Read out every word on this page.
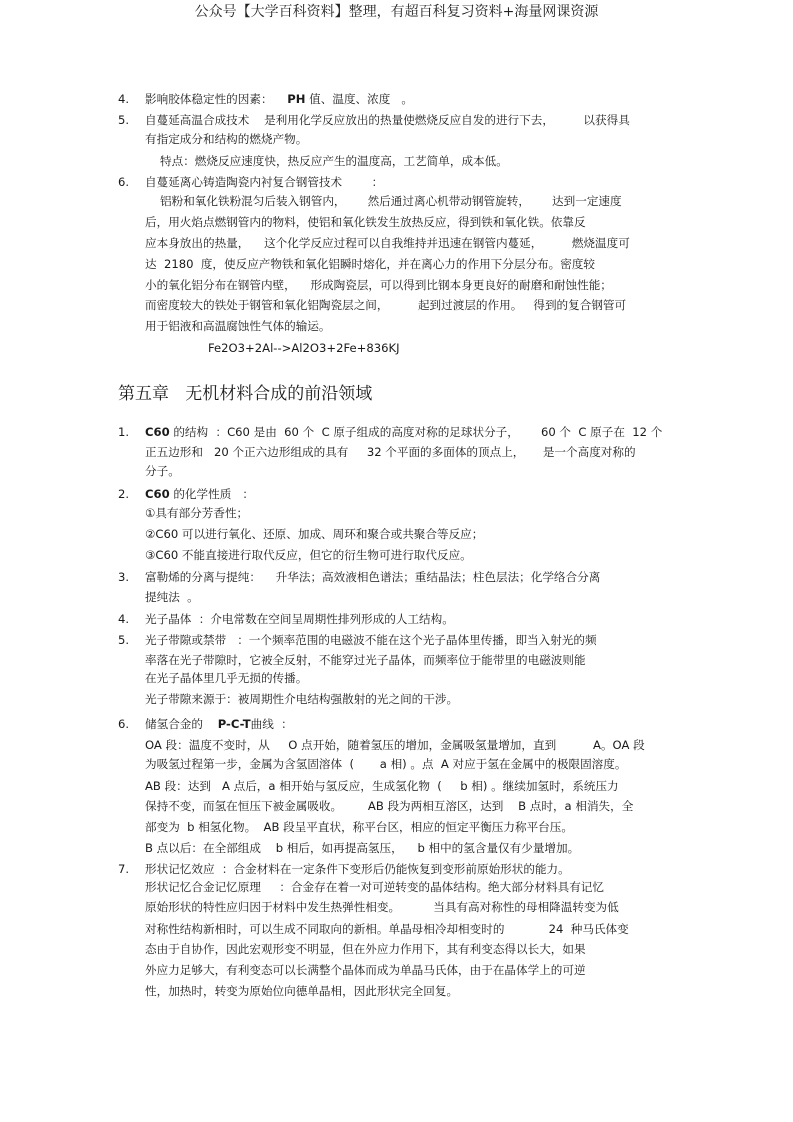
公众号【大学百科资料】整理，有超百科复习资料+海量网课资源
4. 影响胶体稳定性的因素：    PH 值、温度、浓度   。
5. 自蔓延高温合成技术    是利用化学反应放出的热量使燃烧反应自发的进行下去，        以获得具
有指定成分和结构的燃烧产物。
特点：燃烧反应速度快，热反应产生的温度高，工艺简单，成本低。
6. 自蔓延离心铸造陶瓷内衬复合钢管技术        ：
铝粉和氧化铁粉混匀后装入钢管内，      然后通过离心机带动钢管旋转，      达到一定速度
后，用火焰点燃钢管内的物料，使铝和氧化铁发生放热反应，得到铁和氧化铁。依靠反
应本身放出的热量，    这个化学反应过程可以自我维持并迅速在钢管内蔓延，        燃烧温度可
达  2180  度，使反应产物铁和氧化铝瞬时熔化，并在离心力的作用下分层分布。密度较
小的氧化铝分布在钢管内壁，    形成陶瓷层，可以得到比钢本身更良好的耐磨和耐蚀性能；
而密度较大的铁处于钢管和氧化铝陶瓷层之间，        起到过渡层的作用。   得到的复合钢管可
用于铝液和高温腐蚀性气体的输运。
Fe2O3+2Al-->Al2O3+2Fe+836KJ
第五章   无机材料合成的前沿领域
1. C60 的结构  ：C60 是由  60 个  C 原子组成的高度对称的足球状分子，      60 个  C 原子在  12 个
正五边形和   20 个正六边形组成的具有     32 个平面的多面体的顶点上，     是一个高度对称的
分子。
2. C60 的化学性质   ：
①具有部分芳香性；
②C60 可以进行氧化、还原、加成、周环和聚合或共聚合等反应；
③C60 不能直接进行取代反应，但它的衍生物可进行取代反应。
3. 富勒烯的分离与提纯：    升华法；高效液相色谱法；重结晶法；柱色层法；化学络合分离
提纯法  。
4. 光子晶体  ：介电常数在空间呈周期性排列形成的人工结构。
5. 光子带隙或禁带   ：一个频率范围的电磁波不能在这个光子晶体里传播，即当入射光的频
率落在光子带隙时，它被全反射，不能穿过光子晶体，而频率位于能带里的电磁波则能
在光子晶体里几乎无损的传播。
光子带隙来源于：被周期性介电结构强散射的光之间的干涉。
6. 储氢合金的    P-C-T曲线  ：
OA 段：温度不变时，从     O 点开始，随着氢压的增加，金属吸氢量增加，直到          A。OA 段
为吸氢过程第一步，金属为含氢固溶体  (       a 相) 。点  A 对应于氢在金属中的极限固溶度。
AB 段：达到   A 点后，a 相开始与氢反应，生成氢化物  (     b 相) 。继续加氢时，系统压力
保持不变，而氢在恒压下被金属吸收。       AB 段为两相互溶区，达到    B 点时，a 相消失，全
部变为  b 相氢化物。  AB 段呈平直状，称平台区，相应的恒定平衡压力称平台压。
B 点以后：在全部组成    b 相后，如再提高氢压，    b 相中的氢含量仅有少量增加。
7. 形状记忆效应  ：合金材料在一定条件下变形后仍能恢复到变形前原始形状的能力。
形状记忆合金记忆原理     ：合金存在着一对可逆转变的晶体结构。绝大部分材料具有记忆
原始形状的特性应归因于材料中发生热弹性相变。         当具有高对称性的母相降温转变为低
对称性结构新相时，可以生成不同取向的新相。单晶母相冷却相变时的            24  种马氏体变
态由于自协作，因此宏观形变不明显，但在外应力作用下，其有利变态得以长大，如果
外应力足够大，有利变态可以长满整个晶体而成为单晶马氏体，由于在晶体学上的可逆
性，加热时，转变为原始位向德单晶相，因此形状完全回复。
